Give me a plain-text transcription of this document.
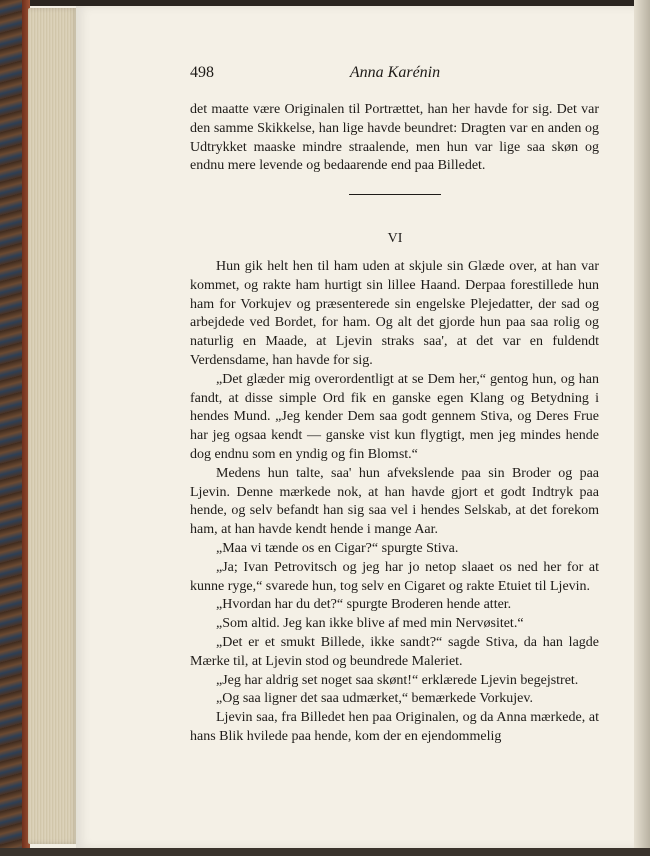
498	Anna Karénin

det maatte være Originalen til Portrættet, han her havde for sig. Det var den samme Skikkelse, han lige havde beundret: Dragten var en anden og Udtrykket maaske mindre straalende, men hun var lige saa skøn og endnu mere levende og bedaarende end paa Billedet.

VI

Hun gik helt hen til ham uden at skjule sin Glæde over, at han var kommet, og rakte ham hurtigt sin lillee Haand. Derpaa forestillede hun ham for Vorkujev og præsenterede sin engelske Plejedatter, der sad og arbejdede ved Bordet, for ham. Og alt det gjorde hun paa saa rolig og naturlig en Maade, at Ljevin straks saa', at det var en fuldendt Verdensdame, han havde for sig.

„Det glæder mig overordentligt at se Dem her,“ gentog hun, og han fandt, at disse simple Ord fik en ganske egen Klang og Betydning i hendes Mund. „Jeg kender Dem saa godt gennem Stiva, og Deres Frue har jeg ogsaa kendt — ganske vist kun flygtigt, men jeg mindes hende dog endnu som en yndig og fin Blomst.“

Medens hun talte, saa' hun afvekslende paa sin Broder og paa Ljevin. Denne mærkede nok, at han havde gjort et godt Indtryk paa hende, og selv befandt han sig saa vel i hendes Selskab, at det forekom ham, at han havde kendt hende i mange Aar.

„Maa vi tænde os en Cigar?“ spurgte Stiva.

„Ja; Ivan Petrovitsch og jeg har jo netop slaaet os ned her for at kunne ryge,“ svarede hun, tog selv en Cigaret og rakte Etuiet til Ljevin.

„Hvordan har du det?“ spurgte Broderen hende atter.

„Som altid. Jeg kan ikke blive af med min Nervøsitet.“

„Det er et smukt Billede, ikke sandt?“ sagde Stiva, da han lagde Mærke til, at Ljevin stod og beundrede Maleriet.

„Jeg har aldrig set noget saa skønt!“ erklærede Ljevin begejstret.

„Og saa ligner det saa udmærket,“ bemærkede Vorkujev.

Ljevin saa, fra Billedet hen paa Originalen, og da Anna mærkede, at hans Blik hvilede paa hende, kom der en ejendommelig
